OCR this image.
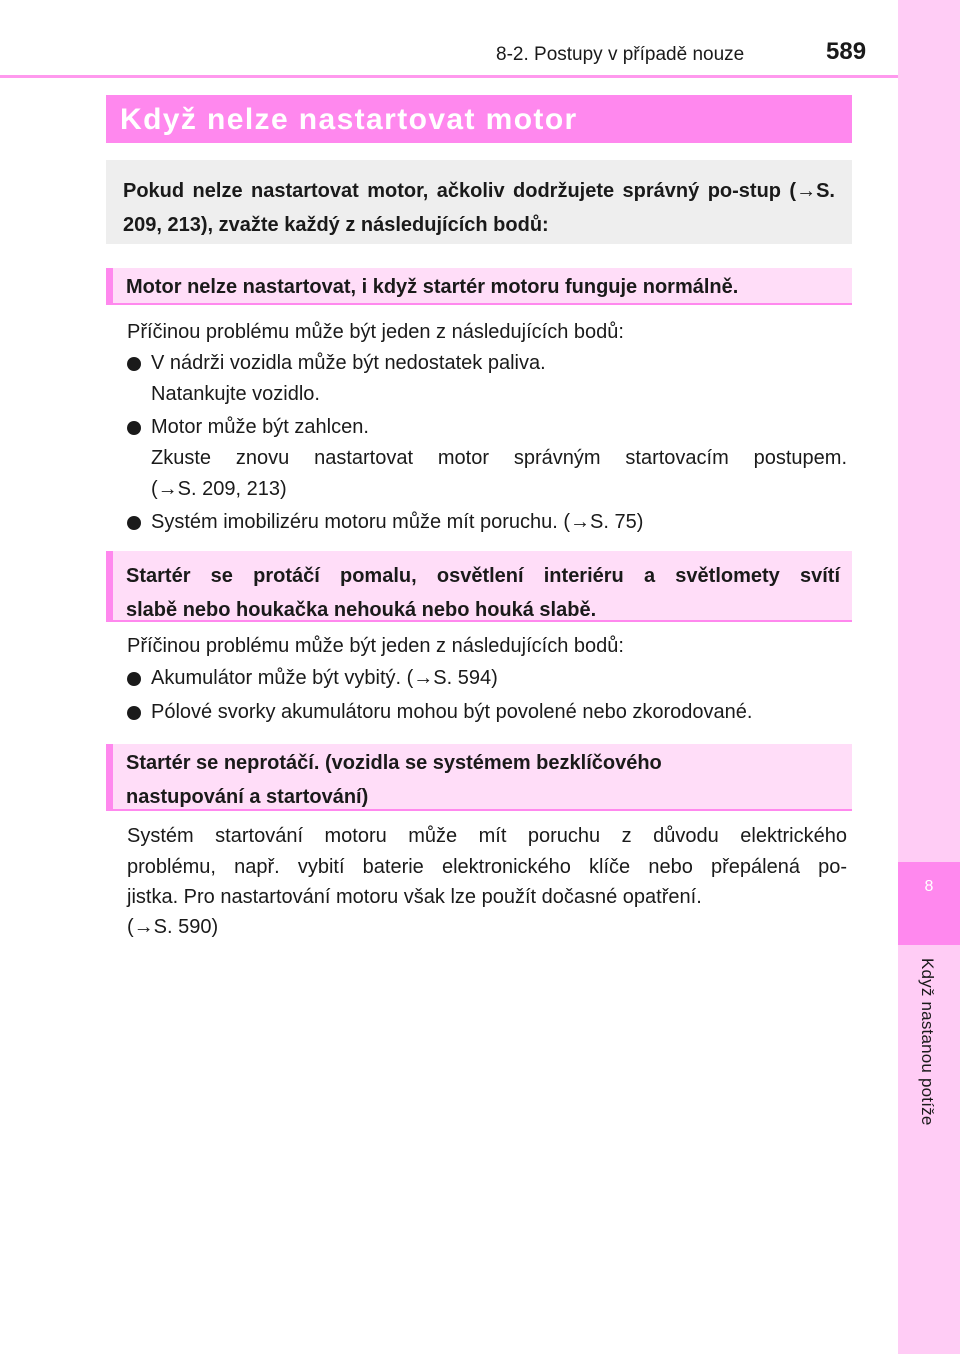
8-2. Postupy v případě nouze	589
8
Když nastanou potíže
Když nelze nastartovat motor
Pokud nelze nastartovat motor, ačkoliv dodržujete správný po-stup (→S. 209, 213), zvažte každý z následujících bodů:

Motor nelze nastartovat, i když startér motoru funguje normálně.

Příčinou problému může být jeden z následujících bodů:
V nádrži vozidla může být nedostatek paliva.
Natankujte vozidlo.
Motor může být zahlcen.
Zkuste znovu nastartovat motor správným startovacím postupem.
(→S. 209, 213)
Systém imobilizéru motoru může mít poruchu. (→S. 75)

Startér se protáčí pomalu, osvětlení interiéru a světlomety svítí

slabě nebo houkačka nehouká nebo houká slabě.

Příčinou problému může být jeden z následujících bodů:
Akumulátor může být vybitý. (→S. 594)
Pólové svorky akumulátoru mohou být povolené nebo zkorodované.

Startér se neprotáčí. (vozidla se systémem bezklíčového

nastupování a startování)

Systém startování motoru může mít poruchu z důvodu elektrického
problému, např. vybití baterie elektronického klíče nebo přepálená po-
jistka. Pro nastartování motoru však lze použít dočasné opatření.
(→S. 590)
